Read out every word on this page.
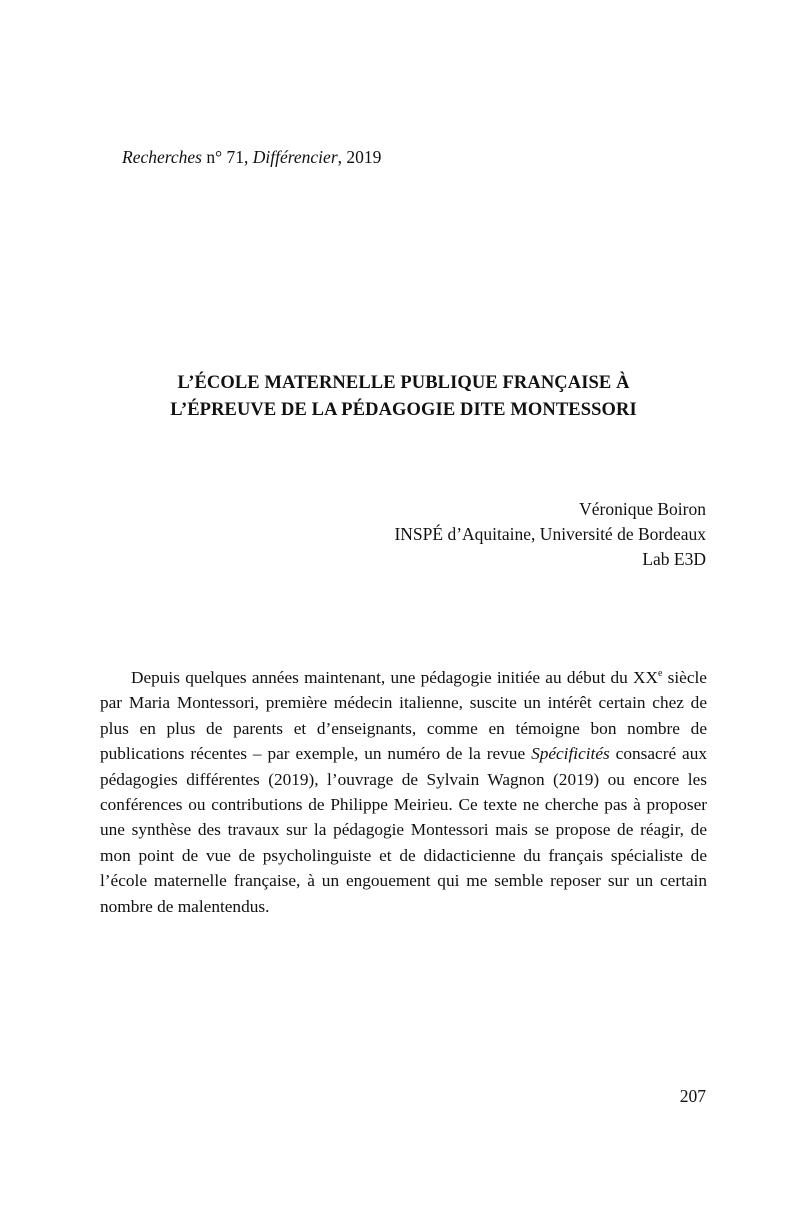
Recherches n° 71, Différencier, 2019
L’ÉCOLE MATERNELLE PUBLIQUE FRANÇAISE À
L’ÉPREUVE DE LA PÉDAGOGIE DITE MONTESSORI
Véronique Boiron
INSPÉ d’Aquitaine, Université de Bordeaux
Lab E3D

Depuis quelques années maintenant, une pédagogie initiée au début du XXe siècle par Maria Montessori, première médecin italienne, suscite un intérêt certain chez de plus en plus de parents et d’enseignants, comme en témoigne bon nombre de publications récentes – par exemple, un numéro de la revue Spécificités consacré aux pédagogies différentes (2019), l’ouvrage de Sylvain Wagnon (2019) ou encore les conférences ou contributions de Philippe Meirieu. Ce texte ne cherche pas à proposer une synthèse des travaux sur la pédagogie Montessori mais se propose de réagir, de mon point de vue de psycholinguiste et de didacticienne du français spécialiste de l’école maternelle française, à un engouement qui me semble reposer sur un certain nombre de malentendus.

207
